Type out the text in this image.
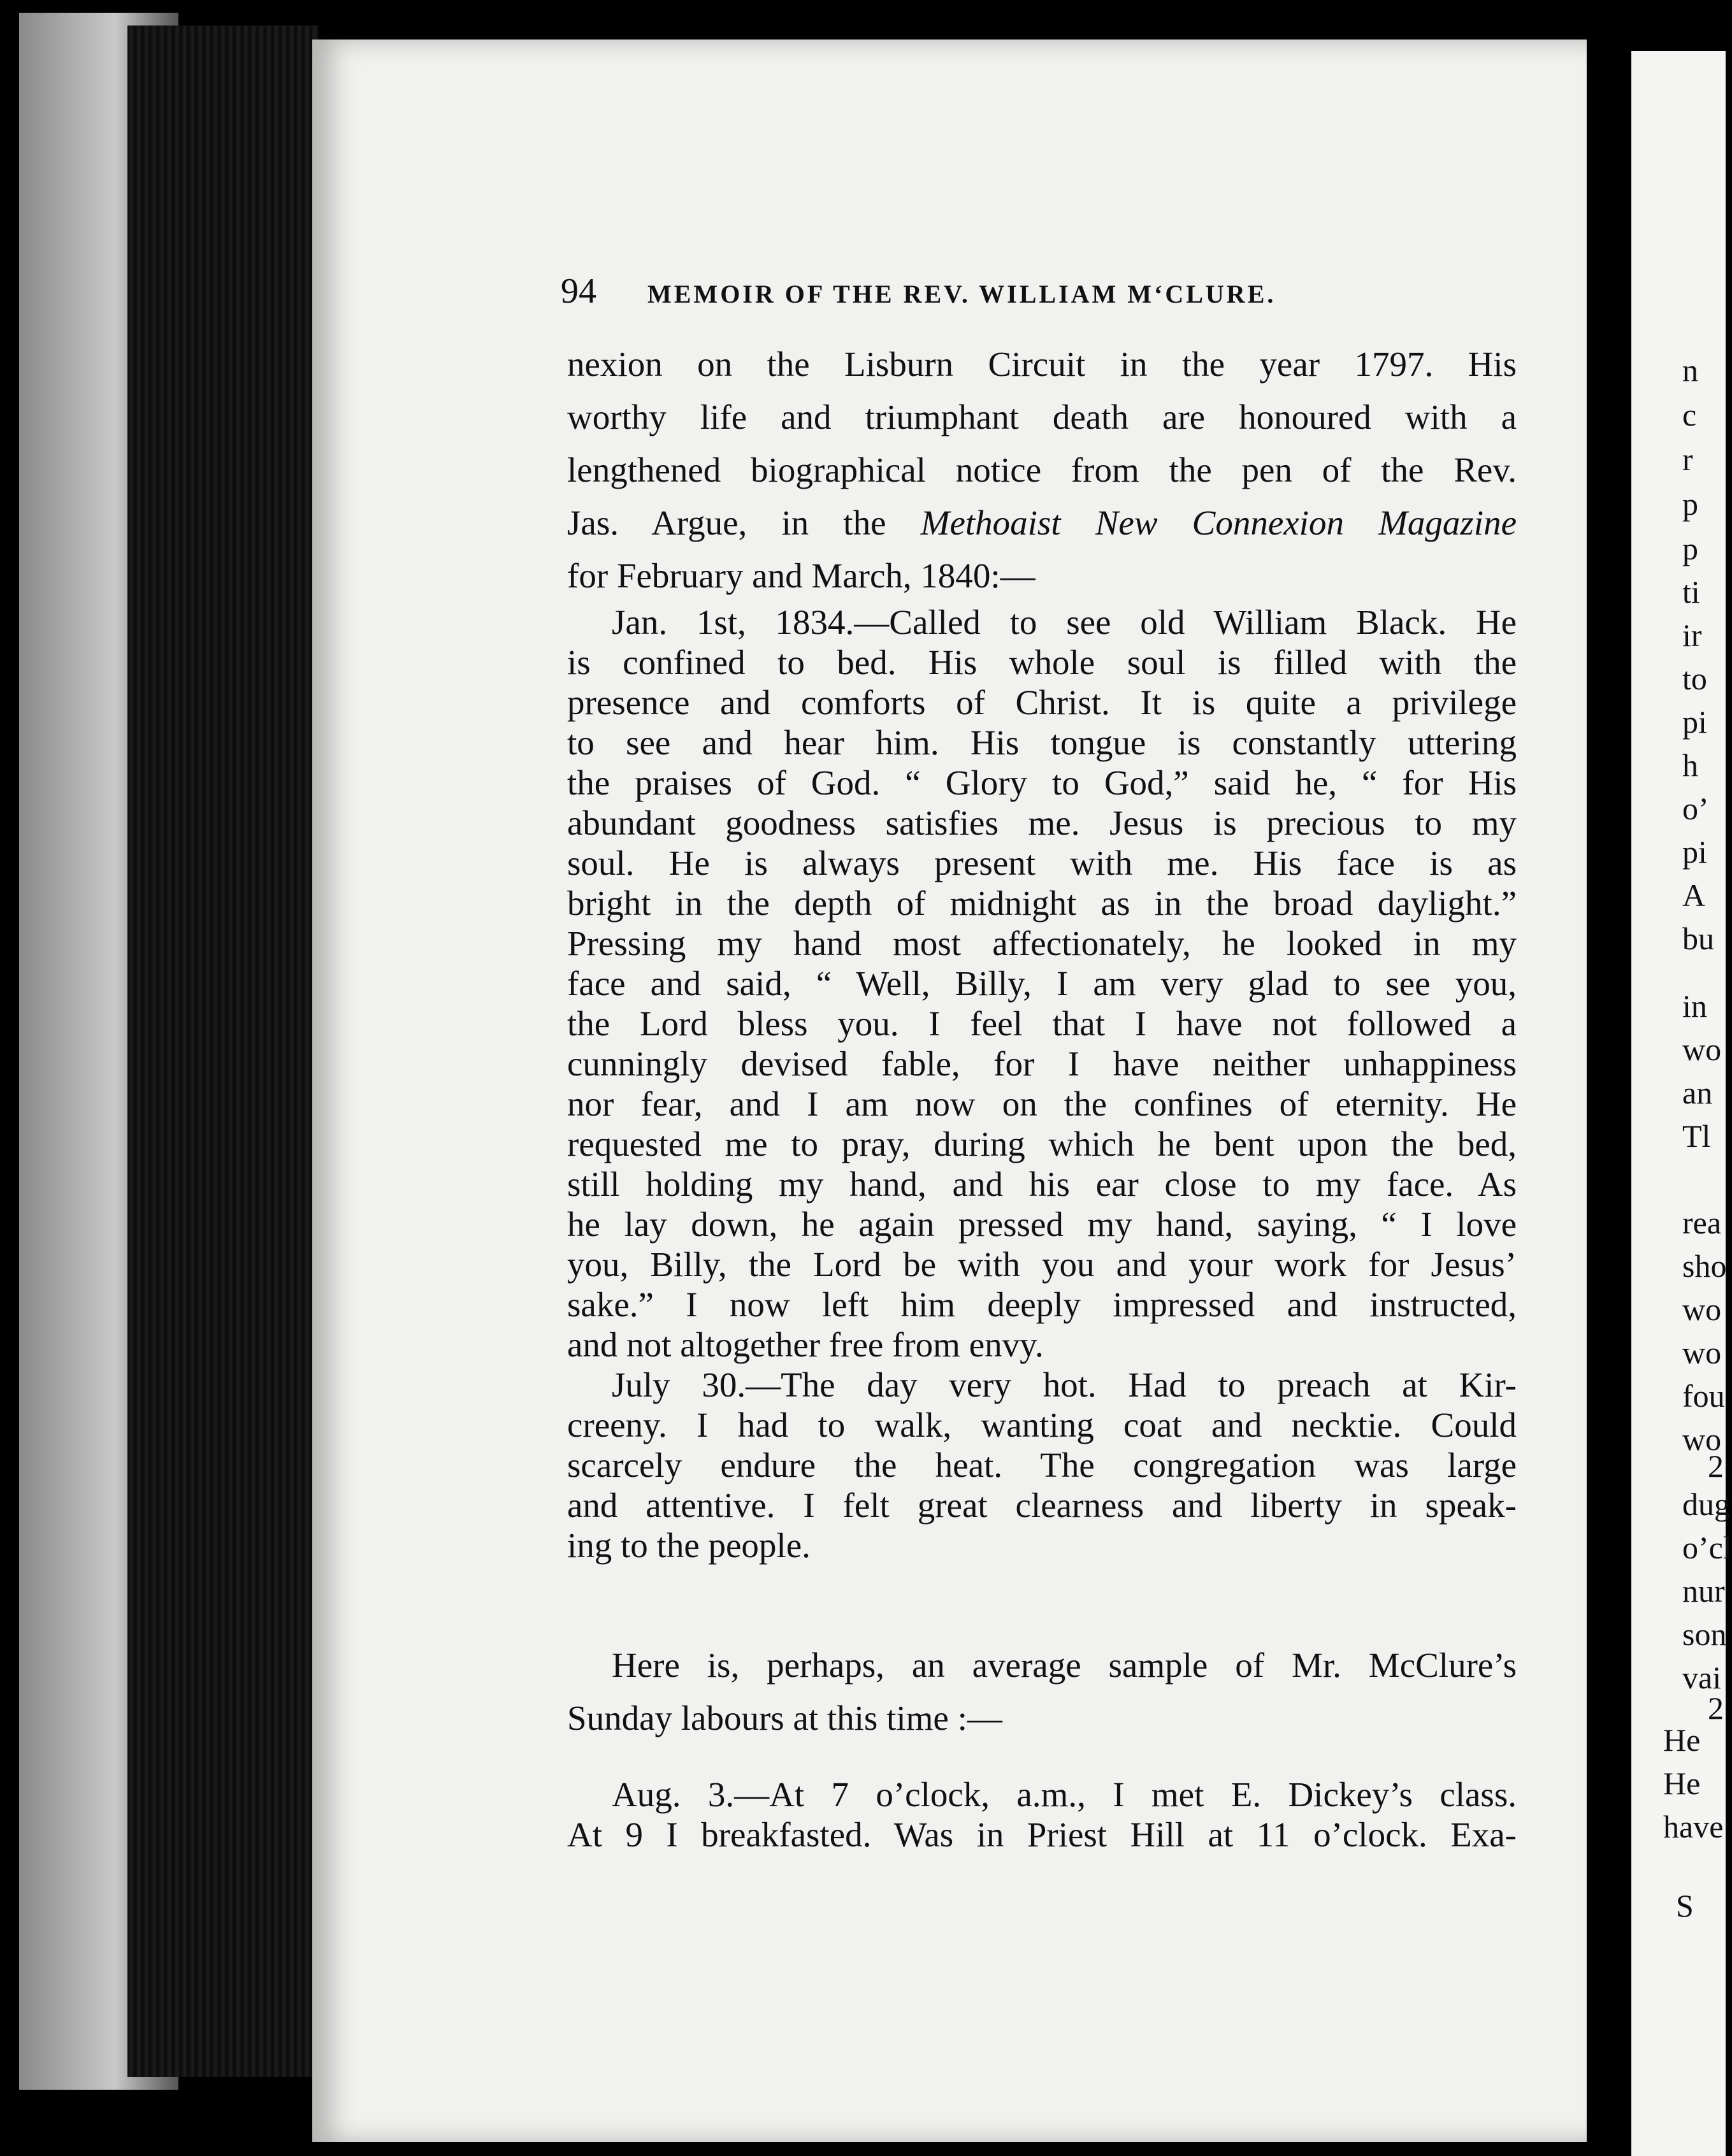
n
c
r
p
p
ti
ir
to
pi
h
o’
pi
A
bu
in
wo
an
Tl
rea
sho
wo
wo
fou
wo
2
dug
o’cl
nur
son
vai
2
He
He
have
S
94 MEMOIR OF THE REV. WILLIAM M‘CLURE.
nexion on the Lisburn Circuit in the year 1797. His
worthy life and triumphant death are honoured with a
lengthened biographical notice from the pen of the Rev.
Jas. Argue, in the Methoaist New Connexion Magazine
for February and March, 1840:—
Jan. 1st, 1834.—Called to see old William Black. He
is confined to bed. His whole soul is filled with the
presence and comforts of Christ. It is quite a privilege
to see and hear him. His tongue is constantly uttering
the praises of God. “ Glory to God,” said he, “ for His
abundant goodness satisfies me. Jesus is precious to my
soul. He is always present with me. His face is as
bright in the depth of midnight as in the broad daylight.”
Pressing my hand most affectionately, he looked in my
face and said, “ Well, Billy, I am very glad to see you,
the Lord bless you. I feel that I have not followed a
cunningly devised fable, for I have neither unhappiness
nor fear, and I am now on the confines of eternity. He
requested me to pray, during which he bent upon the bed,
still holding my hand, and his ear close to my face. As
he lay down, he again pressed my hand, saying, “ I love
you, Billy, the Lord be with you and your work for Jesus’
sake.” I now left him deeply impressed and instructed,
and not altogether free from envy.
July 30.—The day very hot. Had to preach at Kir-
creeny. I had to walk, wanting coat and necktie. Could
scarcely endure the heat. The congregation was large
and attentive. I felt great clearness and liberty in speak-
ing to the people.
Here is, perhaps, an average sample of Mr. McClure’s
Sunday labours at this time :—
Aug. 3.—At 7 o’clock, a.m., I met E. Dickey’s class.
At 9 I breakfasted. Was in Priest Hill at 11 o’clock. Exa-
